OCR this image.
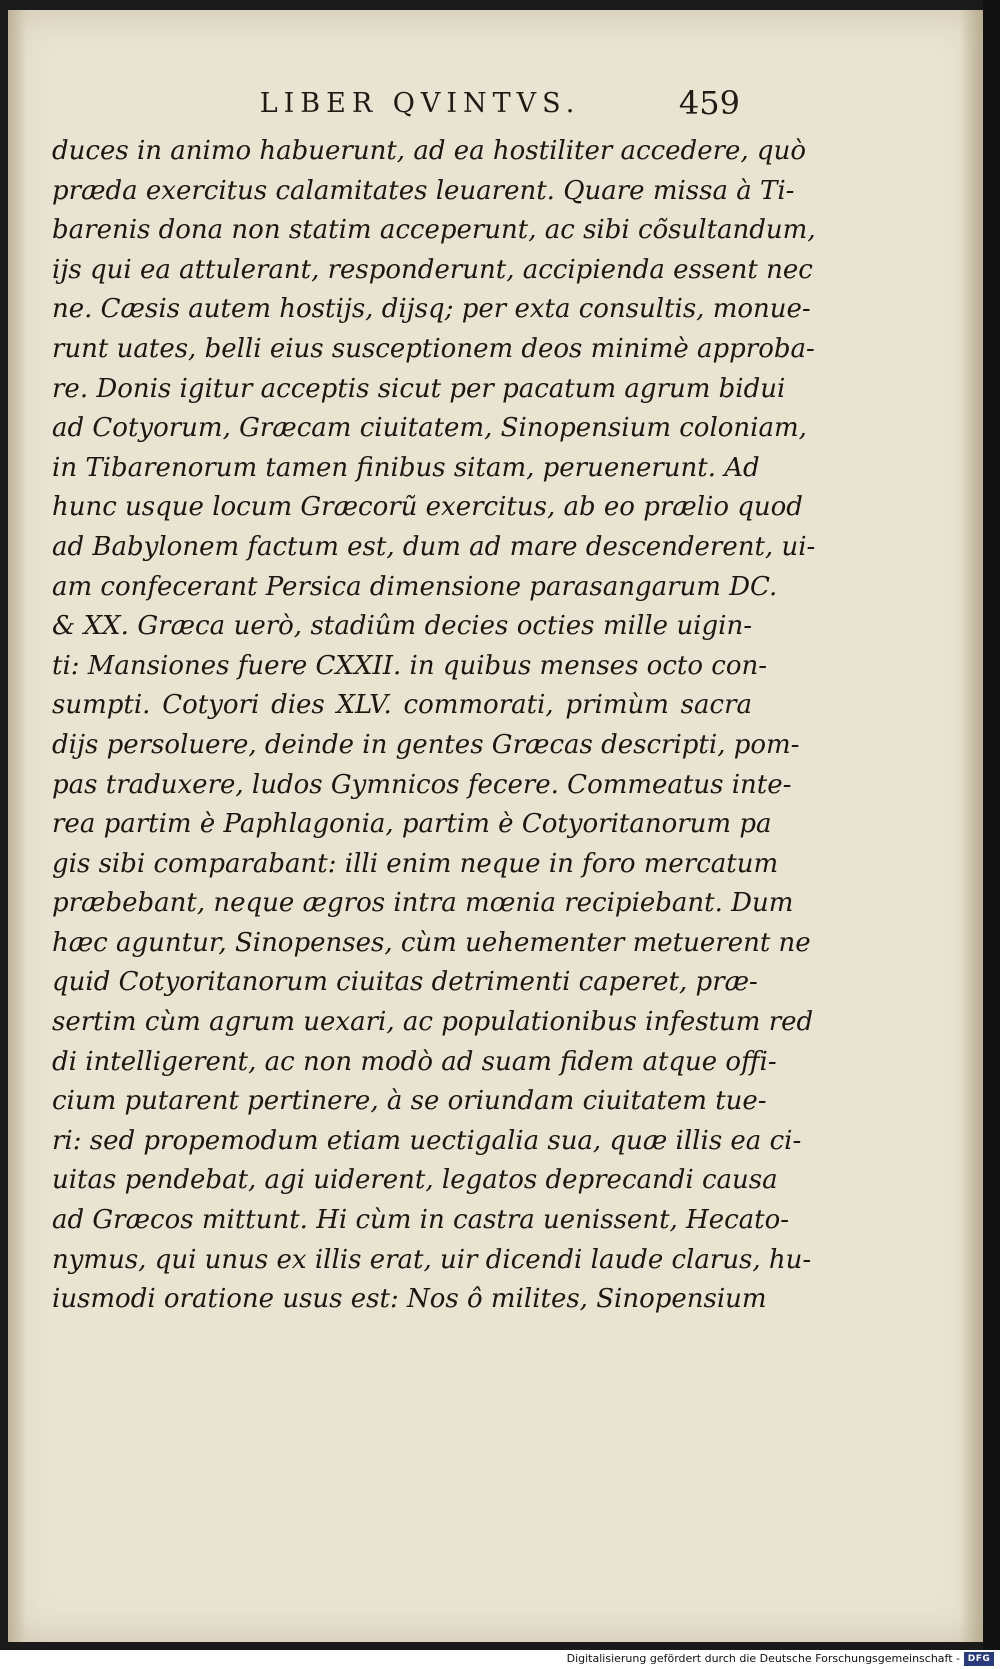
LIBER QVINTVS.	459
duces in animo habuerunt, ad ea hostiliter accedere, quò
præda exercitus calamitates leuarent. Quare missa à Ti-
barenis dona non statim acceperunt, ac sibi cõsultandum,
ijs qui ea attulerant, responderunt, accipienda essent nec
ne. Cæsis autem hostijs, dijsq; per exta consultis, monue-
runt uates, belli eius susceptionem deos minimè approba-
re. Donis igitur acceptis sicut per pacatum agrum bidui
ad Cotyorum, Græcam ciuitatem, Sinopensium coloniam,
in Tibarenorum tamen finibus sitam, peruenerunt. Ad
hunc usque locum Græcorũ exercitus, ab eo prælio quod
ad Babylonem factum est, dum ad mare descenderent, ui-
am confecerant Persica dimensione parasangarum DC.
& XX. Græca uerò, stadiûm decies octies mille uigin-
ti: Mansiones fuere CXXII. in quibus menses octo con-
sumpti. Cotyori dies XLV. commorati, primùm sacra
dijs persoluere, deinde in gentes Græcas descripti, pom-
pas traduxere, ludos Gymnicos fecere. Commeatus inte-
rea partim è Paphlagonia, partim è Cotyoritanorum pa
gis sibi comparabant: illi enim neque in foro mercatum
præbebant, neque ægros intra mœnia recipiebant. Dum
hæc aguntur, Sinopenses, cùm uehementer metuerent ne
quid Cotyoritanorum ciuitas detrimenti caperet, præ-
sertim cùm agrum uexari, ac populationibus infestum red
di intelligerent, ac non modò ad suam fidem atque offi-
cium putarent pertinere, à se oriundam ciuitatem tue-
ri: sed propemodum etiam uectigalia sua, quæ illis ea ci-
uitas pendebat, agi uiderent, legatos deprecandi causa
ad Græcos mittunt. Hi cùm in castra uenissent, Hecato-
nymus, qui unus ex illis erat, uir dicendi laude clarus, hu-
iusmodi oratione usus est: Nos ô milites, Sinopensium
Digitalisierung gefördert durch die Deutsche Forschungsgemeinschaft - DFG
